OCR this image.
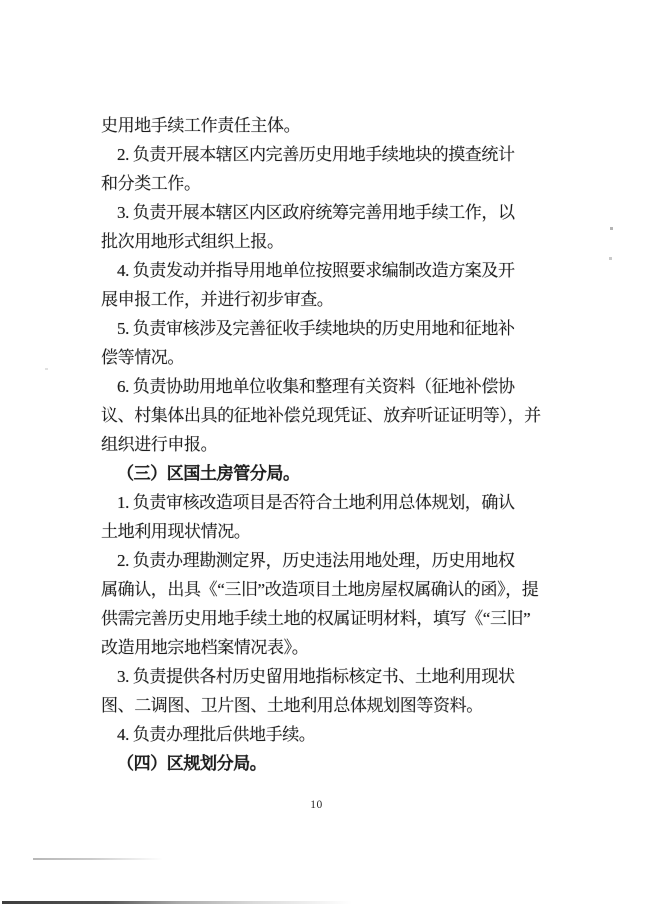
史用地手续工作责任主体。

2. 负责开展本辖区内完善历史用地手续地块的摸查统计

和分类工作。

3. 负责开展本辖区内区政府统筹完善用地手续工作，以

批次用地形式组织上报。

4. 负责发动并指导用地单位按照要求编制改造方案及开

展申报工作，并进行初步审查。

5. 负责审核涉及完善征收手续地块的历史用地和征地补

偿等情况。

6. 负责协助用地单位收集和整理有关资料（征地补偿协

议、村集体出具的征地补偿兑现凭证、放弃听证证明等），并

组织进行申报。

（三）区国土房管分局。

1. 负责审核改造项目是否符合土地利用总体规划，确认

土地利用现状情况。

2. 负责办理勘测定界，历史违法用地处理，历史用地权

属确认，出具《“三旧”改造项目土地房屋权属确认的函》，提

供需完善历史用地手续土地的权属证明材料，填写《“三旧”

改造用地宗地档案情况表》。

3. 负责提供各村历史留用地指标核定书、土地利用现状

图、二调图、卫片图、土地利用总体规划图等资料。

4. 负责办理批后供地手续。

（四）区规划分局。

10
